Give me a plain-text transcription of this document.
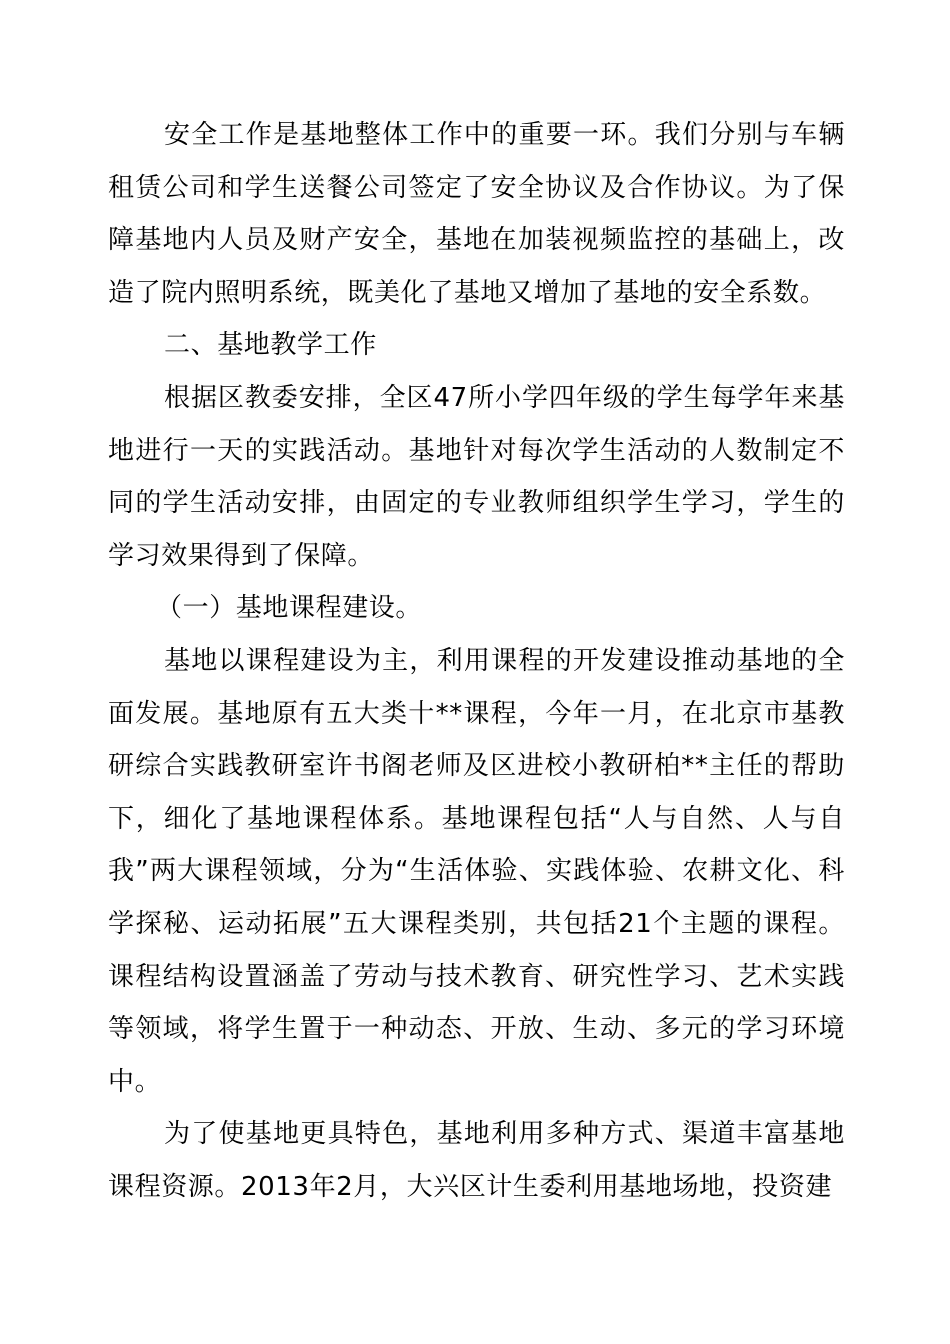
安全工作是基地整体工作中的重要一环。我们分别与车辆租赁公司和学生送餐公司签定了安全协议及合作协议。为了保障基地内人员及财产安全，基地在加装视频监控的基础上，改造了院内照明系统，既美化了基地又增加了基地的安全系数。

二、基地教学工作

根据区教委安排，全区47所小学四年级的学生每学年来基地进行一天的实践活动。基地针对每次学生活动的人数制定不同的学生活动安排，由固定的专业教师组织学生学习，学生的学习效果得到了保障。

（一）基地课程建设。

基地以课程建设为主，利用课程的开发建设推动基地的全面发展。基地原有五大类十**课程，今年一月，在北京市基教研综合实践教研室许书阁老师及区进校小教研柏**主任的帮助下，细化了基地课程体系。基地课程包括“人与自然、人与自我”两大课程领域，分为“生活体验、实践体验、农耕文化、科学探秘、运动拓展”五大课程类别，共包括21个主题的课程。课程结构设置涵盖了劳动与技术教育、研究性学习、艺术实践等领域，将学生置于一种动态、开放、生动、多元的学习环境中。

为了使基地更具特色，基地利用多种方式、渠道丰富基地课程资源。2013年2月，大兴区计生委利用基地场地，投资建
